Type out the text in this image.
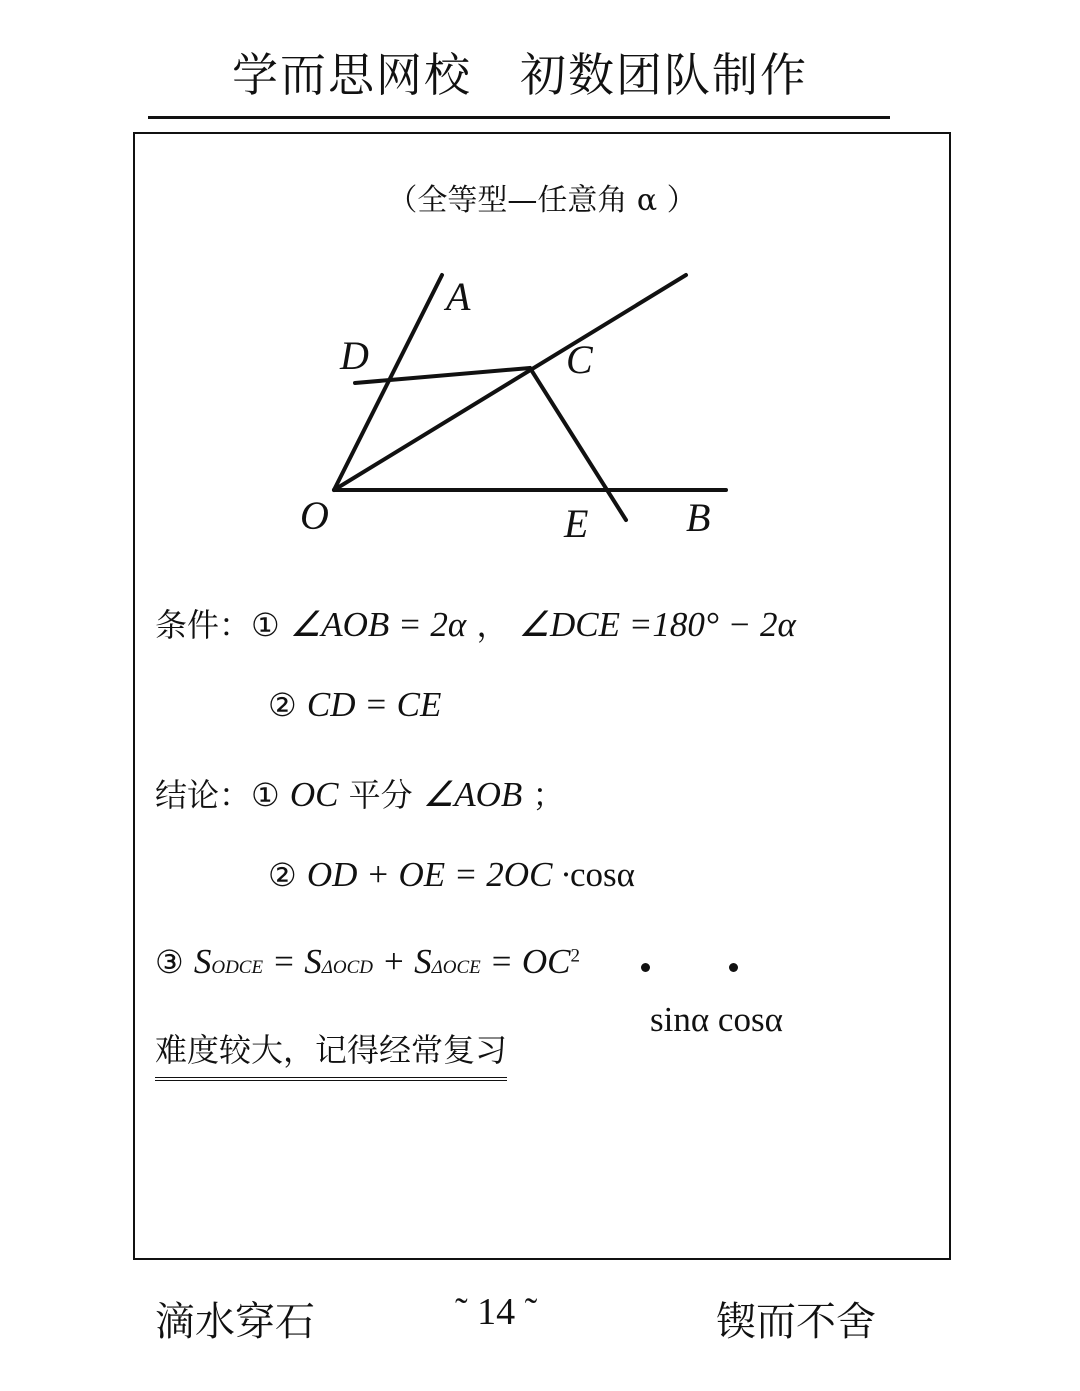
学而思网校　初数团队制作
（全等型—任意角 α ）
A
D	C
O	E B
条件：① ∠AOB = 2α ， ∠DCE =180° − 2α
② CD = CE
结论：① OC 平分 ∠AOB ；
② OD + OE = 2OC ·cosα
③ SODCE = $S\Delta OCD + S\Delta OCE = OC^2$
sinα cosα
难度较大，记得经常复习
滴水穿石	˜ 14 ˜	锲而不舍
